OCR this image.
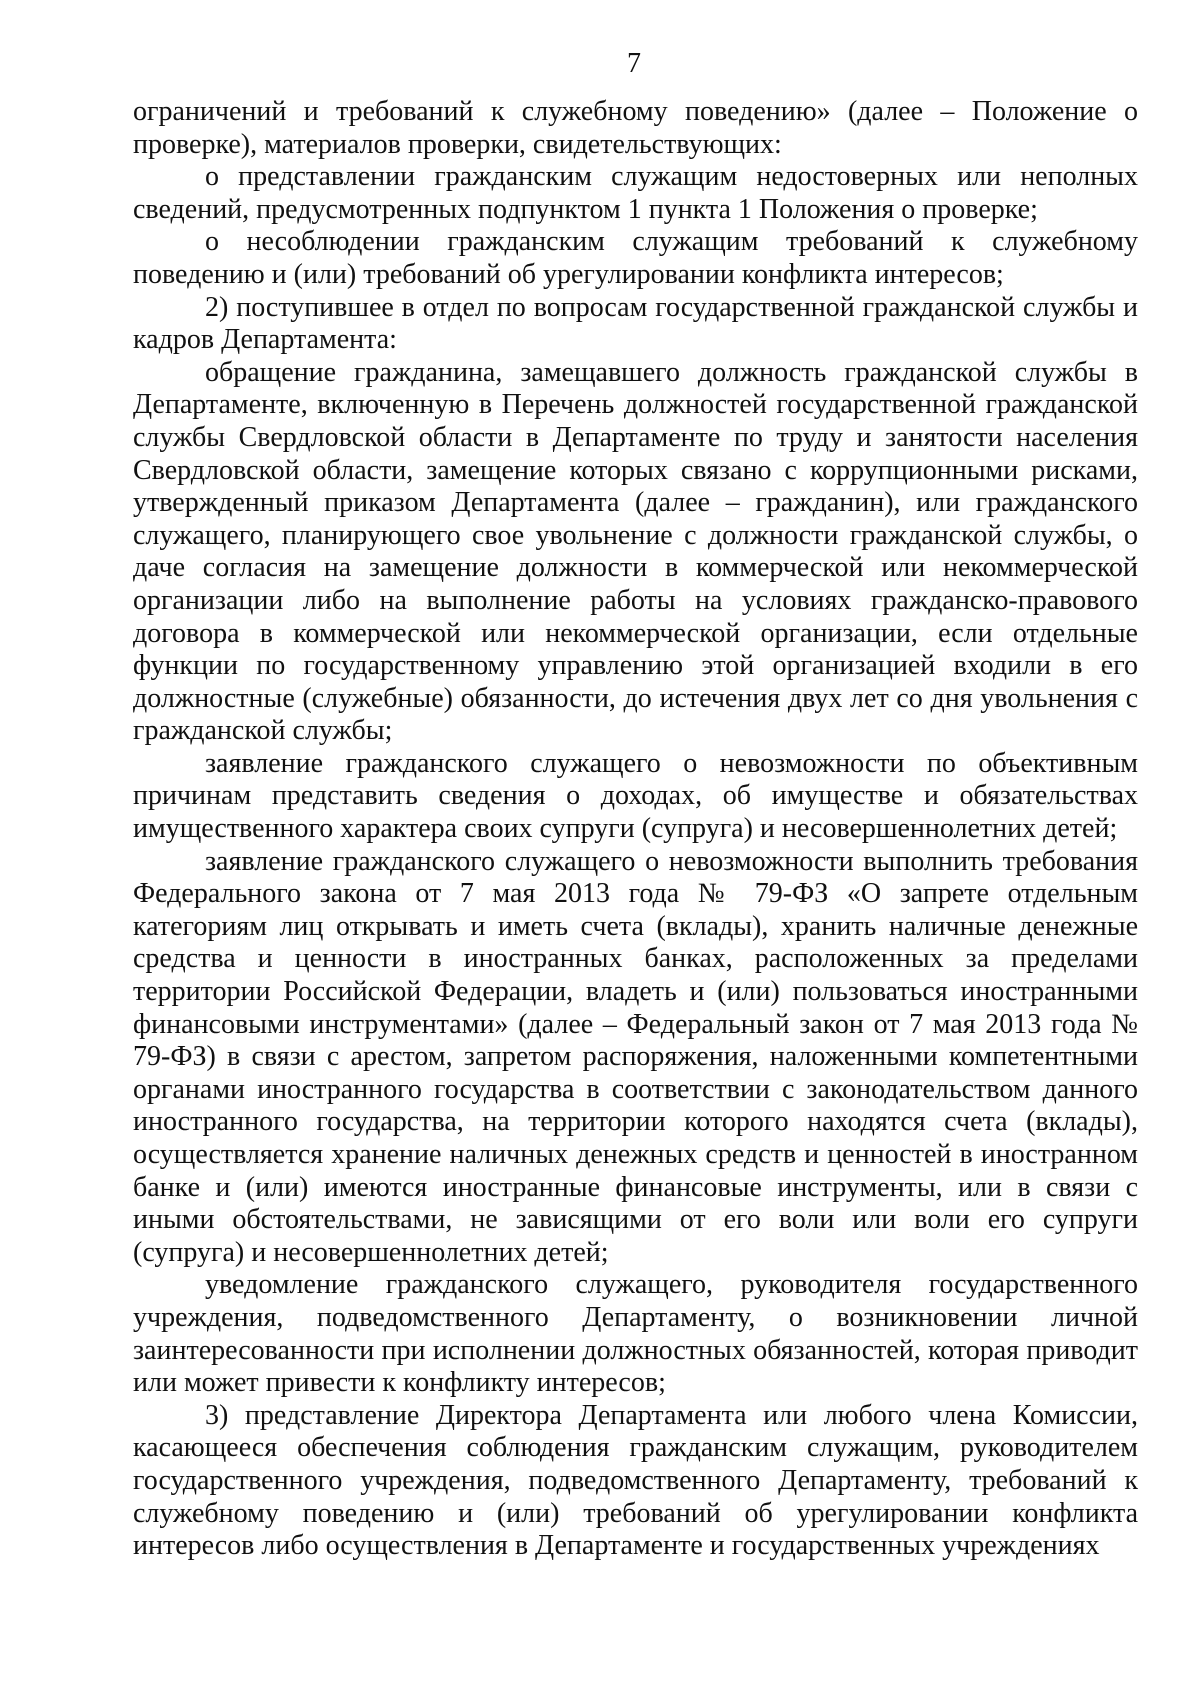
7

ограничений и требований к служебному поведению» (далее – Положение о проверке), материалов проверки, свидетельствующих:

о представлении гражданским служащим недостоверных или неполных сведений, предусмотренных подпунктом 1 пункта 1 Положения о проверке;

о несоблюдении гражданским служащим требований к служебному поведению и (или) требований об урегулировании конфликта интересов;

2) поступившее в отдел по вопросам государственной гражданской службы и кадров Департамента:

обращение гражданина, замещавшего должность гражданской службы в Департаменте, включенную в Перечень должностей государственной гражданской службы Свердловской области в Департаменте по труду и занятости населения Свердловской области, замещение которых связано с коррупционными рисками, утвержденный приказом Департамента (далее – гражданин), или гражданского служащего, планирующего свое увольнение с должности гражданской службы, о даче согласия на замещение должности в коммерческой или некоммерческой организации либо на выполнение работы на условиях гражданско-правового договора в коммерческой или некоммерческой организации, если отдельные функции по государственному управлению этой организацией входили в его должностные (служебные) обязанности, до истечения двух лет со дня увольнения с гражданской службы;

заявление гражданского служащего о невозможности по объективным причинам представить сведения о доходах, об имуществе и обязательствах имущественного характера своих супруги (супруга) и несовершеннолетних детей;

заявление гражданского служащего о невозможности выполнить требования Федерального закона от 7 мая 2013 года № 79-ФЗ «О запрете отдельным категориям лиц открывать и иметь счета (вклады), хранить наличные денежные средства и ценности в иностранных банках, расположенных за пределами территории Российской Федерации, владеть и (или) пользоваться иностранными финансовыми инструментами» (далее – Федеральный закон от 7 мая 2013 года № 79-ФЗ) в связи с арестом, запретом распоряжения, наложенными компетентными органами иностранного государства в соответствии с законодательством данного иностранного государства, на территории которого находятся счета (вклады), осуществляется хранение наличных денежных средств и ценностей в иностранном банке и (или) имеются иностранные финансовые инструменты, или в связи с иными обстоятельствами, не зависящими от его воли или воли его супруги (супруга) и несовершеннолетних детей;

уведомление гражданского служащего, руководителя государственного учреждения, подведомственного Департаменту, о возникновении личной заинтересованности при исполнении должностных обязанностей, которая приводит или может привести к конфликту интересов;

3) представление Директора Департамента или любого члена Комиссии, касающееся обеспечения соблюдения гражданским служащим, руководителем государственного учреждения, подведомственного Департаменту, требований к служебному поведению и (или) требований об урегулировании конфликта интересов либо осуществления в Департаменте и государственных учреждениях
